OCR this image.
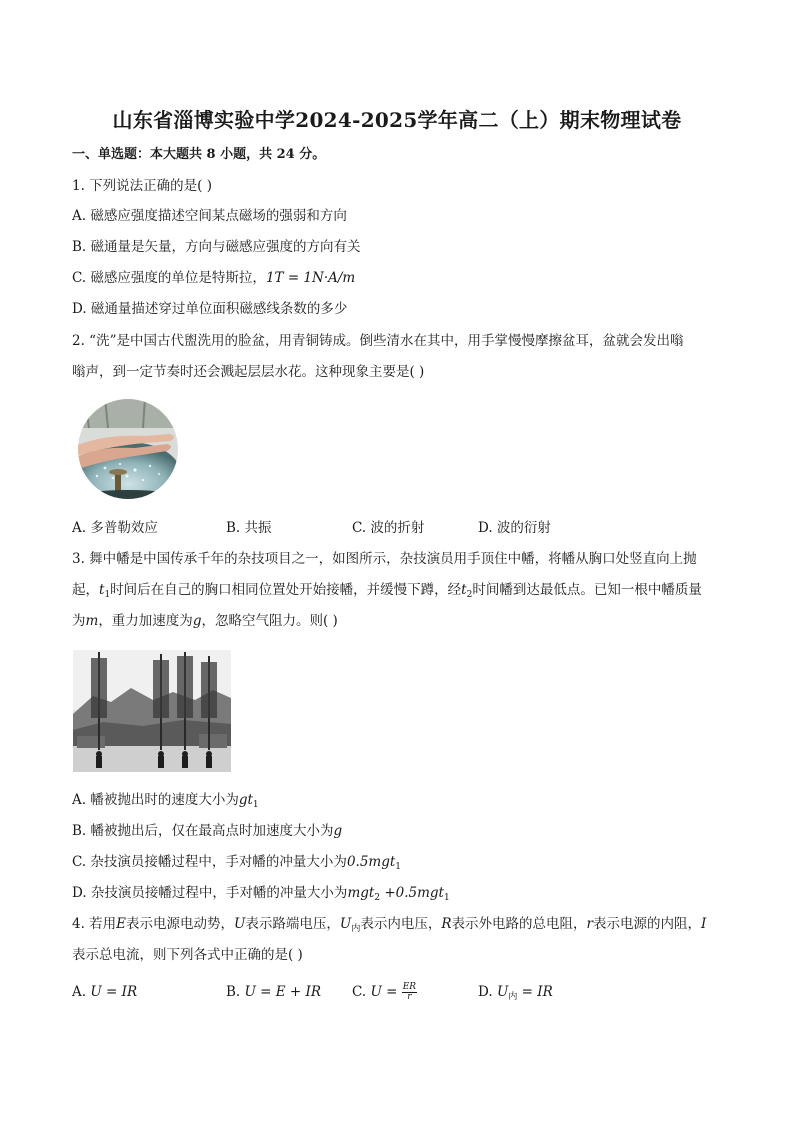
山东省淄博实验中学2024-2025学年高二（上）期末物理试卷
一、单选题：本大题共 8 小题，共 24 分。
1. 下列说法正确的是( )
A. 磁感应强度描述空间某点磁场的强弱和方向
B. 磁通量是矢量，方向与磁感应强度的方向有关
C. 磁感应强度的单位是特斯拉，1T = 1N·A/m
D. 磁通量描述穿过单位面积磁感线条数的多少
2. “洗”是中国古代盥洗用的脸盆，用青铜铸成。倒些清水在其中，用手掌慢慢摩擦盆耳，盆就会发出嗡
嗡声，到一定节奏时还会溅起层层水花。这种现象主要是( )
A. 多普勒效应	B. 共振	C. 波的折射	D. 波的衍射
3. 舞中幡是中国传承千年的杂技项目之一，如图所示，杂技演员用手顶住中幡，将幡从胸口处竖直向上抛
起，$t_1$时间后在自己的胸口相同位置处开始接幡，并缓慢下蹲，经$t_2$时间幡到达最低点。已知一根中幡质量
为m，重力加速度为g，忽略空气阻力。则( )
A. 幡被抛出时的速度大小为$gt_1$
B. 幡被抛出后，仅在最高点时加速度大小为g
C. 杂技演员接幡过程中，手对幡的冲量大小为0.5mgt$_1$
D. 杂技演员接幡过程中，手对幡的冲量大小为mgt$_2$ +0.5mgt$_1$
4. 若用E表示电源电动势，U表示路端电压，$U_内$表示内电压，R表示外电路的总电阻，r表示电源的内阻，I
表示总电流，则下列各式中正确的是( )
A. U = IR	B. U = E + IR C. $U = \frac{ER}{r}$	D. $U_内$ = IR
